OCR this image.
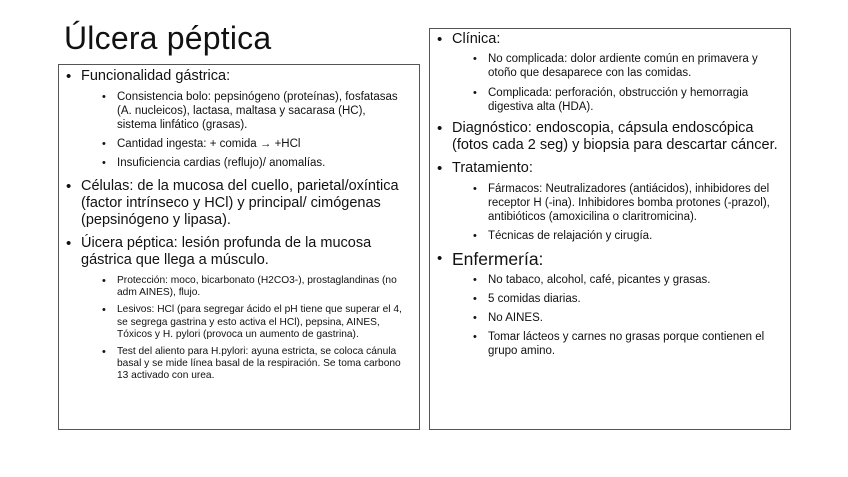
Úlcera péptica
• Funcionalidad gástrica:
• Consistencia bolo: pepsinógeno (proteínas), fosfatasas (A. nucleicos), lactasa, maltasa y sacarasa (HC), sistema linfático (grasas).
• Cantidad ingesta: + comida → +HCl
• Insuficiencia cardias (reflujo)/ anomalías.
• Células: de la mucosa del cuello, parietal/oxíntica (factor intrínseco y HCl) y principal/ cimógenas (pepsinógeno y lipasa).
• Úicera péptica: lesión profunda de la mucosa gástrica que llega a músculo.
• Protección: moco, bicarbonato (H2CO3-), prostaglandinas (no adm AINES), flujo.
• Lesivos: HCl (para segregar ácido el pH tiene que superar el 4, se segrega gastrina y esto activa el HCl), pepsina, AINES, Tóxicos y H. pylori (provoca un aumento de gastrina).
• Test del aliento para H.pylori: ayuna estricta, se coloca cánula basal y se mide línea basal de la respiración. Se toma carbono 13 activado con urea.
• Clínica:
• No complicada: dolor ardiente común en primavera y otoño que desaparece con las comidas.
• Complicada: perforación, obstrucción y hemorragia digestiva alta (HDA).
• Diagnóstico: endoscopia, cápsula endoscópica (fotos cada 2 seg) y biopsia para descartar cáncer.
• Tratamiento:
• Fármacos: Neutralizadores (antiácidos), inhibidores del receptor H (-ina). Inhibidores bomba protones (-prazol), antibióticos (amoxicilina o claritromicina).
• Técnicas de relajación y cirugía.
• Enfermería:
• No tabaco, alcohol, café, picantes y grasas.
• 5 comidas diarias.
• No AINES.
• Tomar lácteos y carnes no grasas porque contienen el grupo amino.
